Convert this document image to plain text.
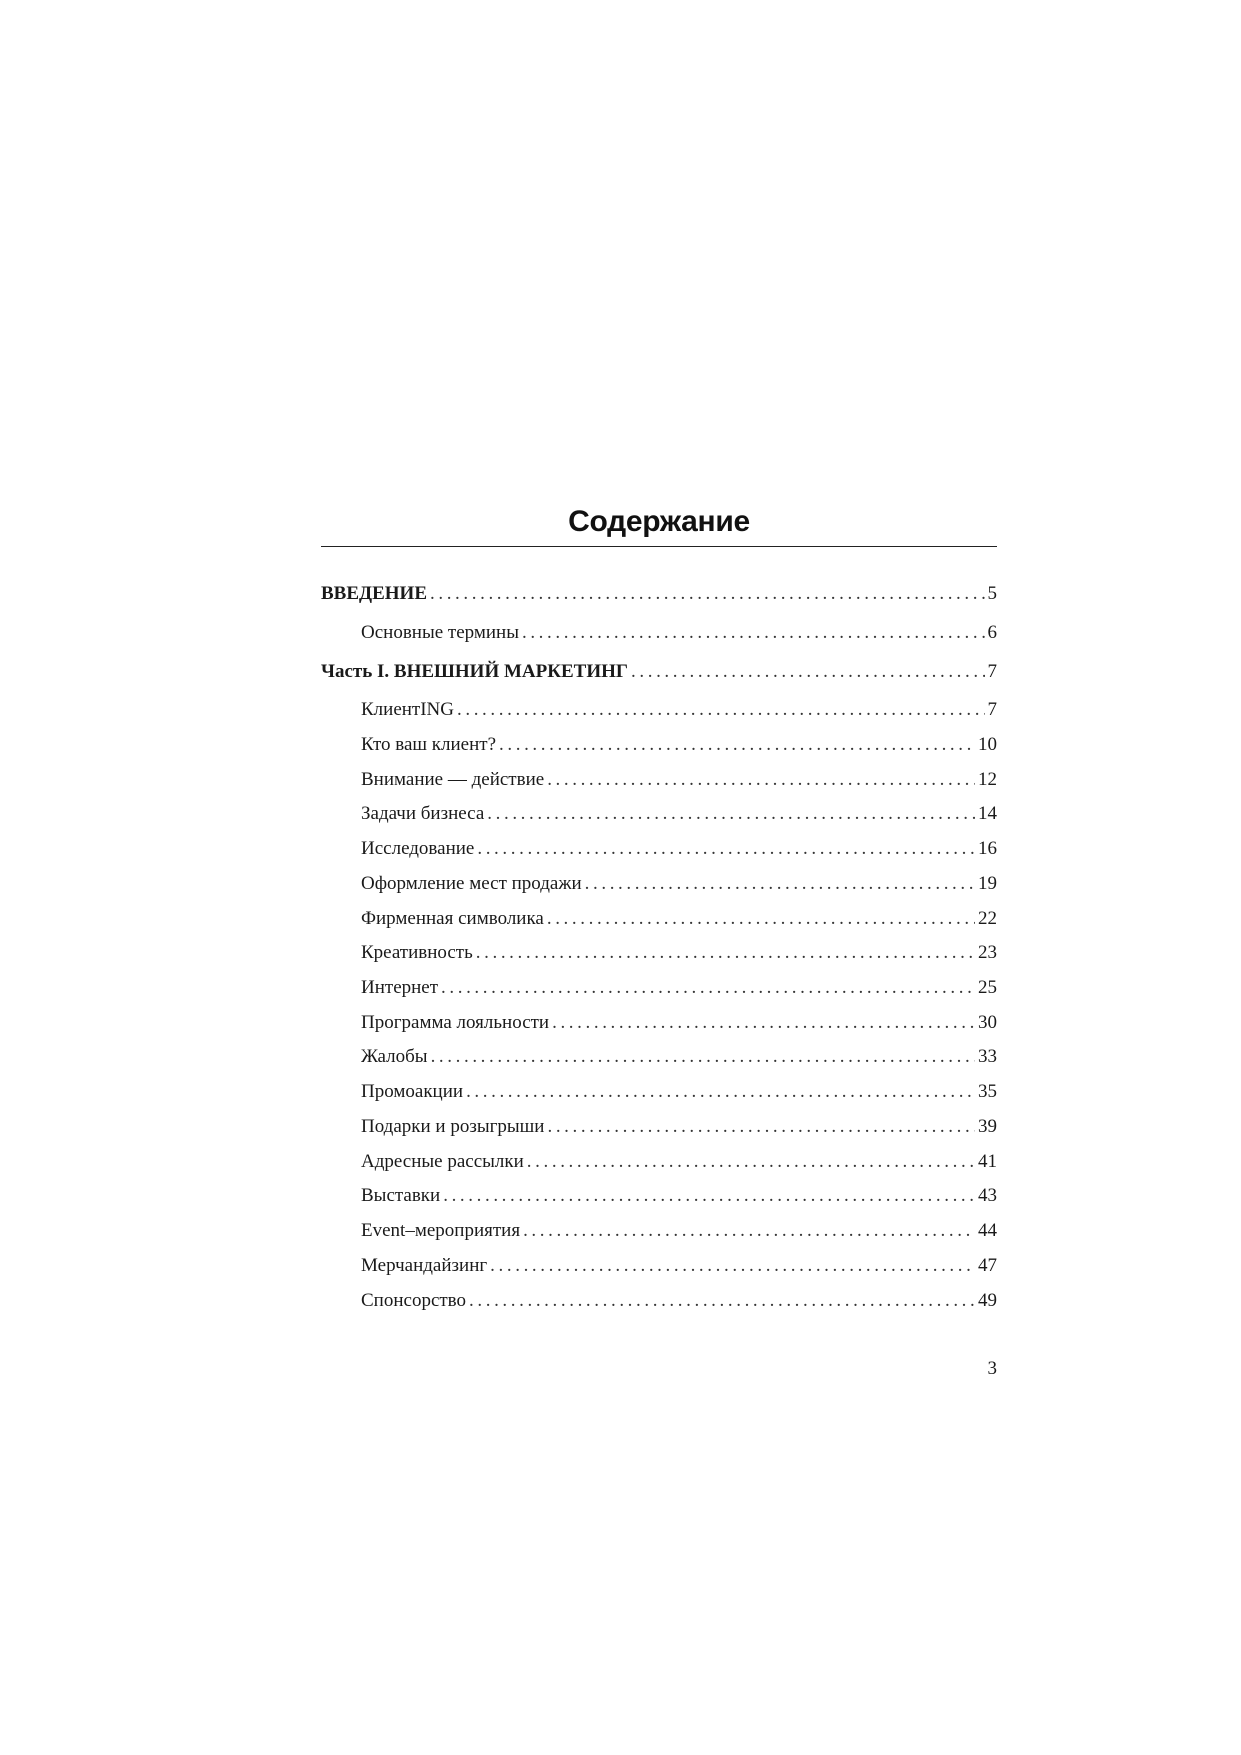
Содержание
ВВЕДЕНИЕ .....	5
Основные термины .....	6
Часть I. ВНЕШНИЙ МАРКЕТИНГ .....	7
КлиентING .....	7
Кто ваш клиент? .....	10
Внимание — действие .....	12
Задачи бизнеса .....	14
Исследование .....	16
Оформление мест продажи .....	19
Фирменная символика .....	22
Креативность .....	23
Интернет .....	25
Программа лояльности .....	30
Жалобы .....	33
Промоакции .....	35
Подарки и розыгрыши .....	39
Адресные рассылки .....	41
Выставки .....	43
Event–мероприятия .....	44
Мерчандайзинг .....	47
Спонсорство .....	49
3
